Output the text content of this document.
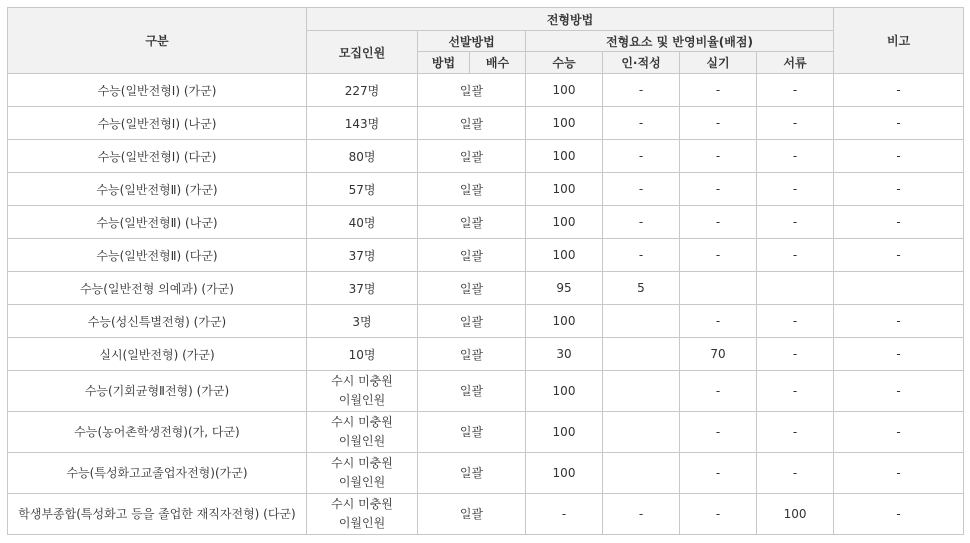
구분	전형방법							비고
	모집인원	선발방법		전형요소 및 반영비율(배점)				
		방법	배수	수능	인·적성	실기	서류	
수능(일반전형Ⅰ) (가군)	227명	일괄		100	-	-	-	-
수능(일반전형Ⅰ) (나군)	143명	일괄		100	-	-	-	-
수능(일반전형Ⅰ) (다군)	80명	일괄		100	-	-	-	-
수능(일반전형Ⅱ) (가군)	57명	일괄		100	-	-	-	-
수능(일반전형Ⅱ) (나군)	40명	일괄		100	-	-	-	-
수능(일반전형Ⅱ) (다군)	37명	일괄		100	-	-	-	-
수능(일반전형 의예과) (가군)	37명	일괄		95	5			
수능(성신특별전형) (가군)	3명	일괄		100		-	-	-
실시(일반전형) (가군)	10명	일괄		30		70	-	-
수능(기회균형Ⅱ전형) (가군)	수시 미충원 이월인원	일괄		100		-	-	-
수능(농어촌학생전형)(가, 다군)	수시 미충원 이월인원	일괄		100		-	-	-
수능(특성화고교졸업자전형)(가군)	수시 미충원 이월인원	일괄		100		-	-	-
학생부종합(특성화고 등을 졸업한 재직자전형) (다군)	수시 미충원 이월인원	일괄		-	-	-	100	-
